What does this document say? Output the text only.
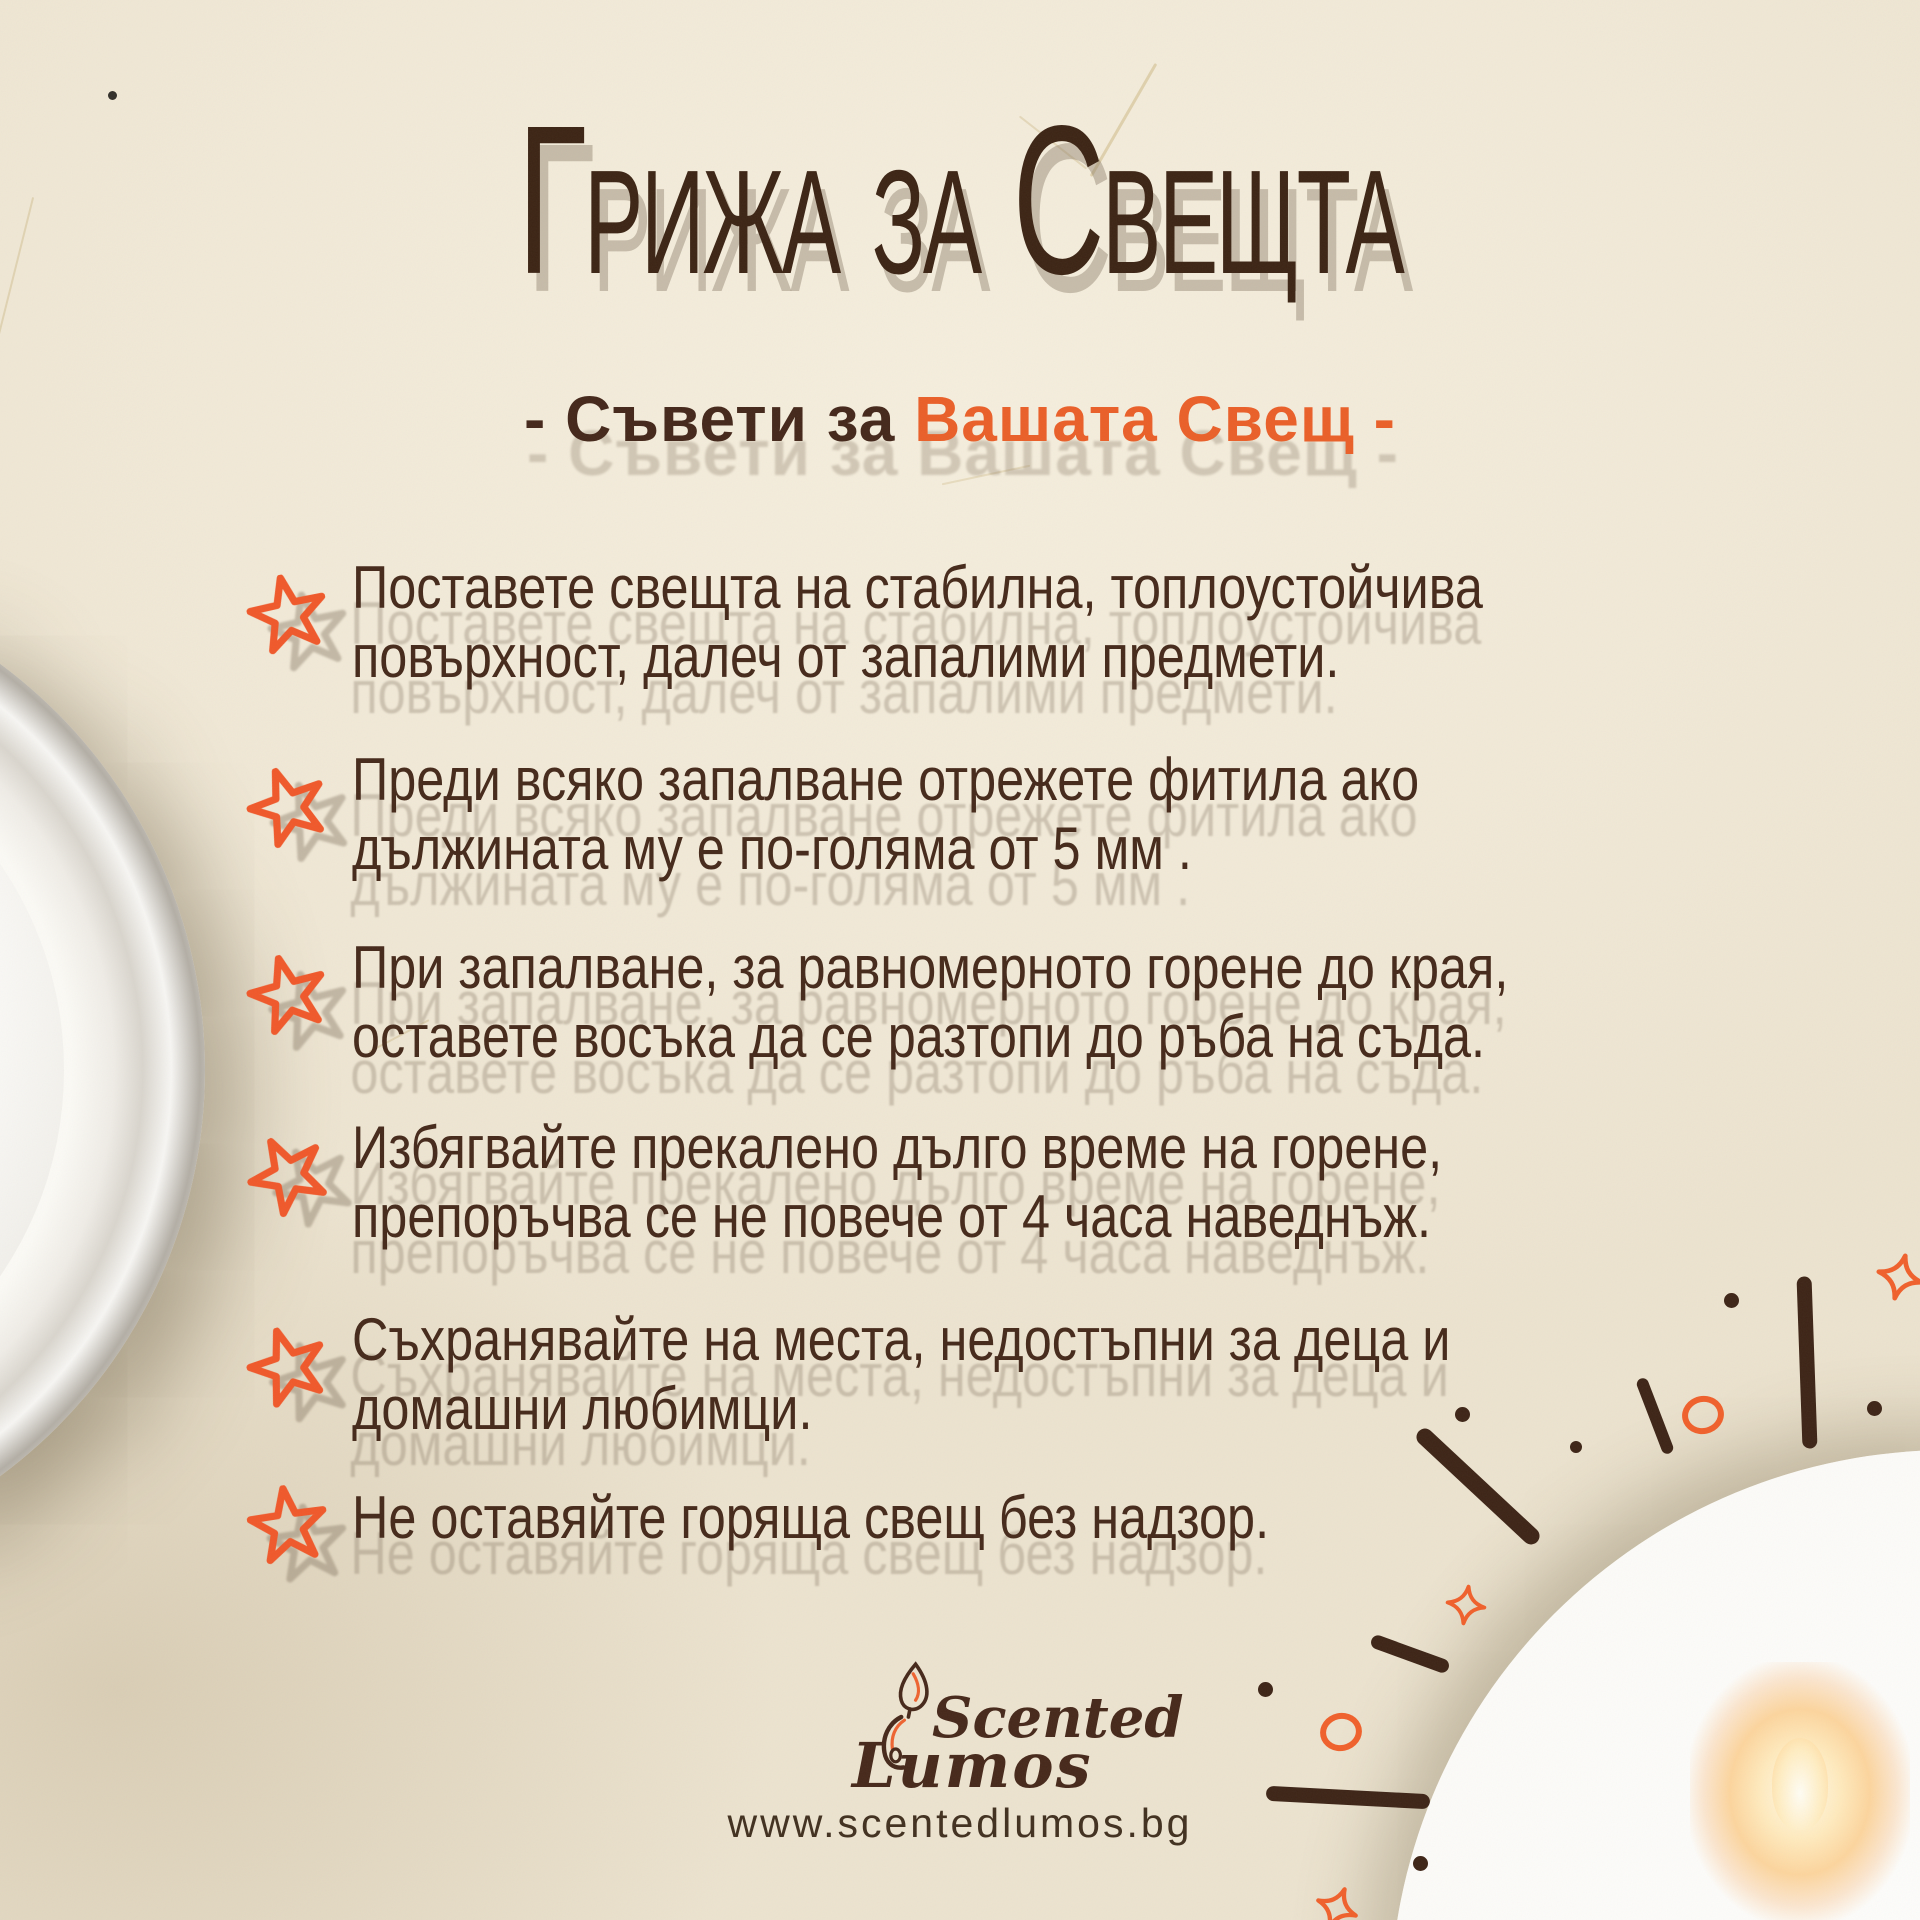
Грижа за Свещта
- Съвети за Вашата Свещ -
Поставете свещта на стабилна, топлоустойчива
повърхност, далеч от запалими предмети.
Преди всяко запалване отрежете фитила ако
дължината му е по-голяма от 5 мм .
При запалване, за равномерното горене до края,
оставете восъка да се разтопи до ръба на съда.
Избягвайте прекалено дълго време на горене,
препоръчва се не повече от 4 часа наведнъж.
Съхранявайте на места, недостъпни за деца и
домашни любимци.
Не оставяйте горяща свещ без надзор.
Scented
Lumos
www.scentedlumos.bg
